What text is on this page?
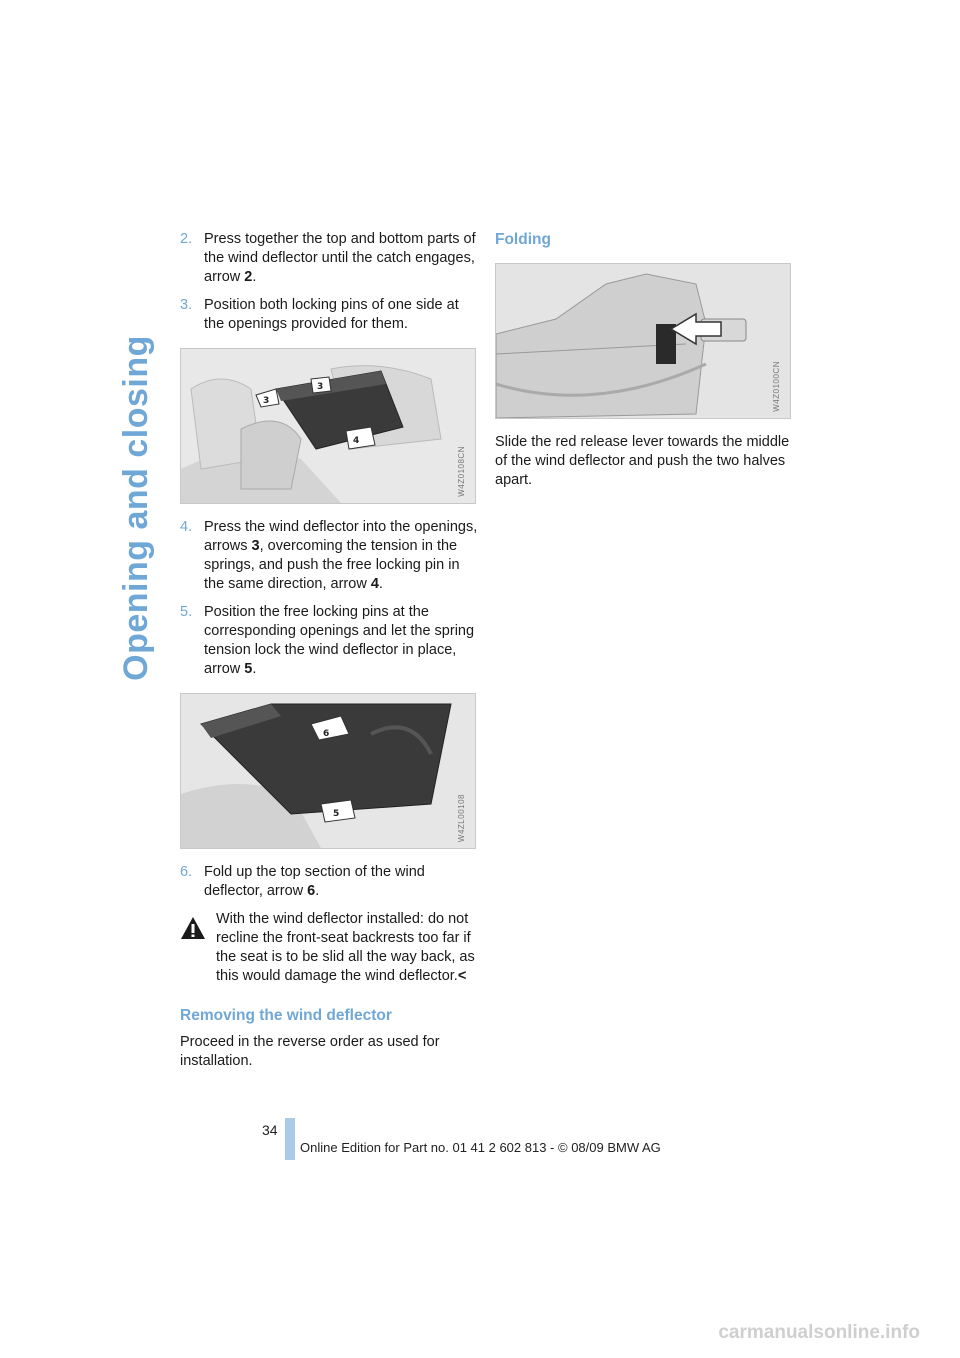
Opening and closing
2. Press together the top and bottom parts of the wind deflector until the catch engages, arrow 2.
3. Position both locking pins of one side at the openings provided for them.
3
3
4
W4Z0108CN
4. Press the wind deflector into the openings, arrows 3, overcoming the tension in the springs, and push the free locking pin in the same direction, arrow 4.
5. Position the free locking pins at the corresponding openings and let the spring tension lock the wind deflector in place, arrow 5.
6
5	W4ZL00108
6. Fold up the top section of the wind deflector, arrow 6.

With the wind deflector installed: do not recline the front-seat backrests too far if the seat is to be slid all the way back, as this would damage the wind deflector.<

Removing the wind deflector

Proceed in the reverse order as used for installation.

Folding
W4Z0100CN

Slide the red release lever towards the middle of the wind deflector and push the two halves apart.

34
Online Edition for Part no. 01 41 2 602 813 - © 08/09 BMW AG
carmanualsonline.info
